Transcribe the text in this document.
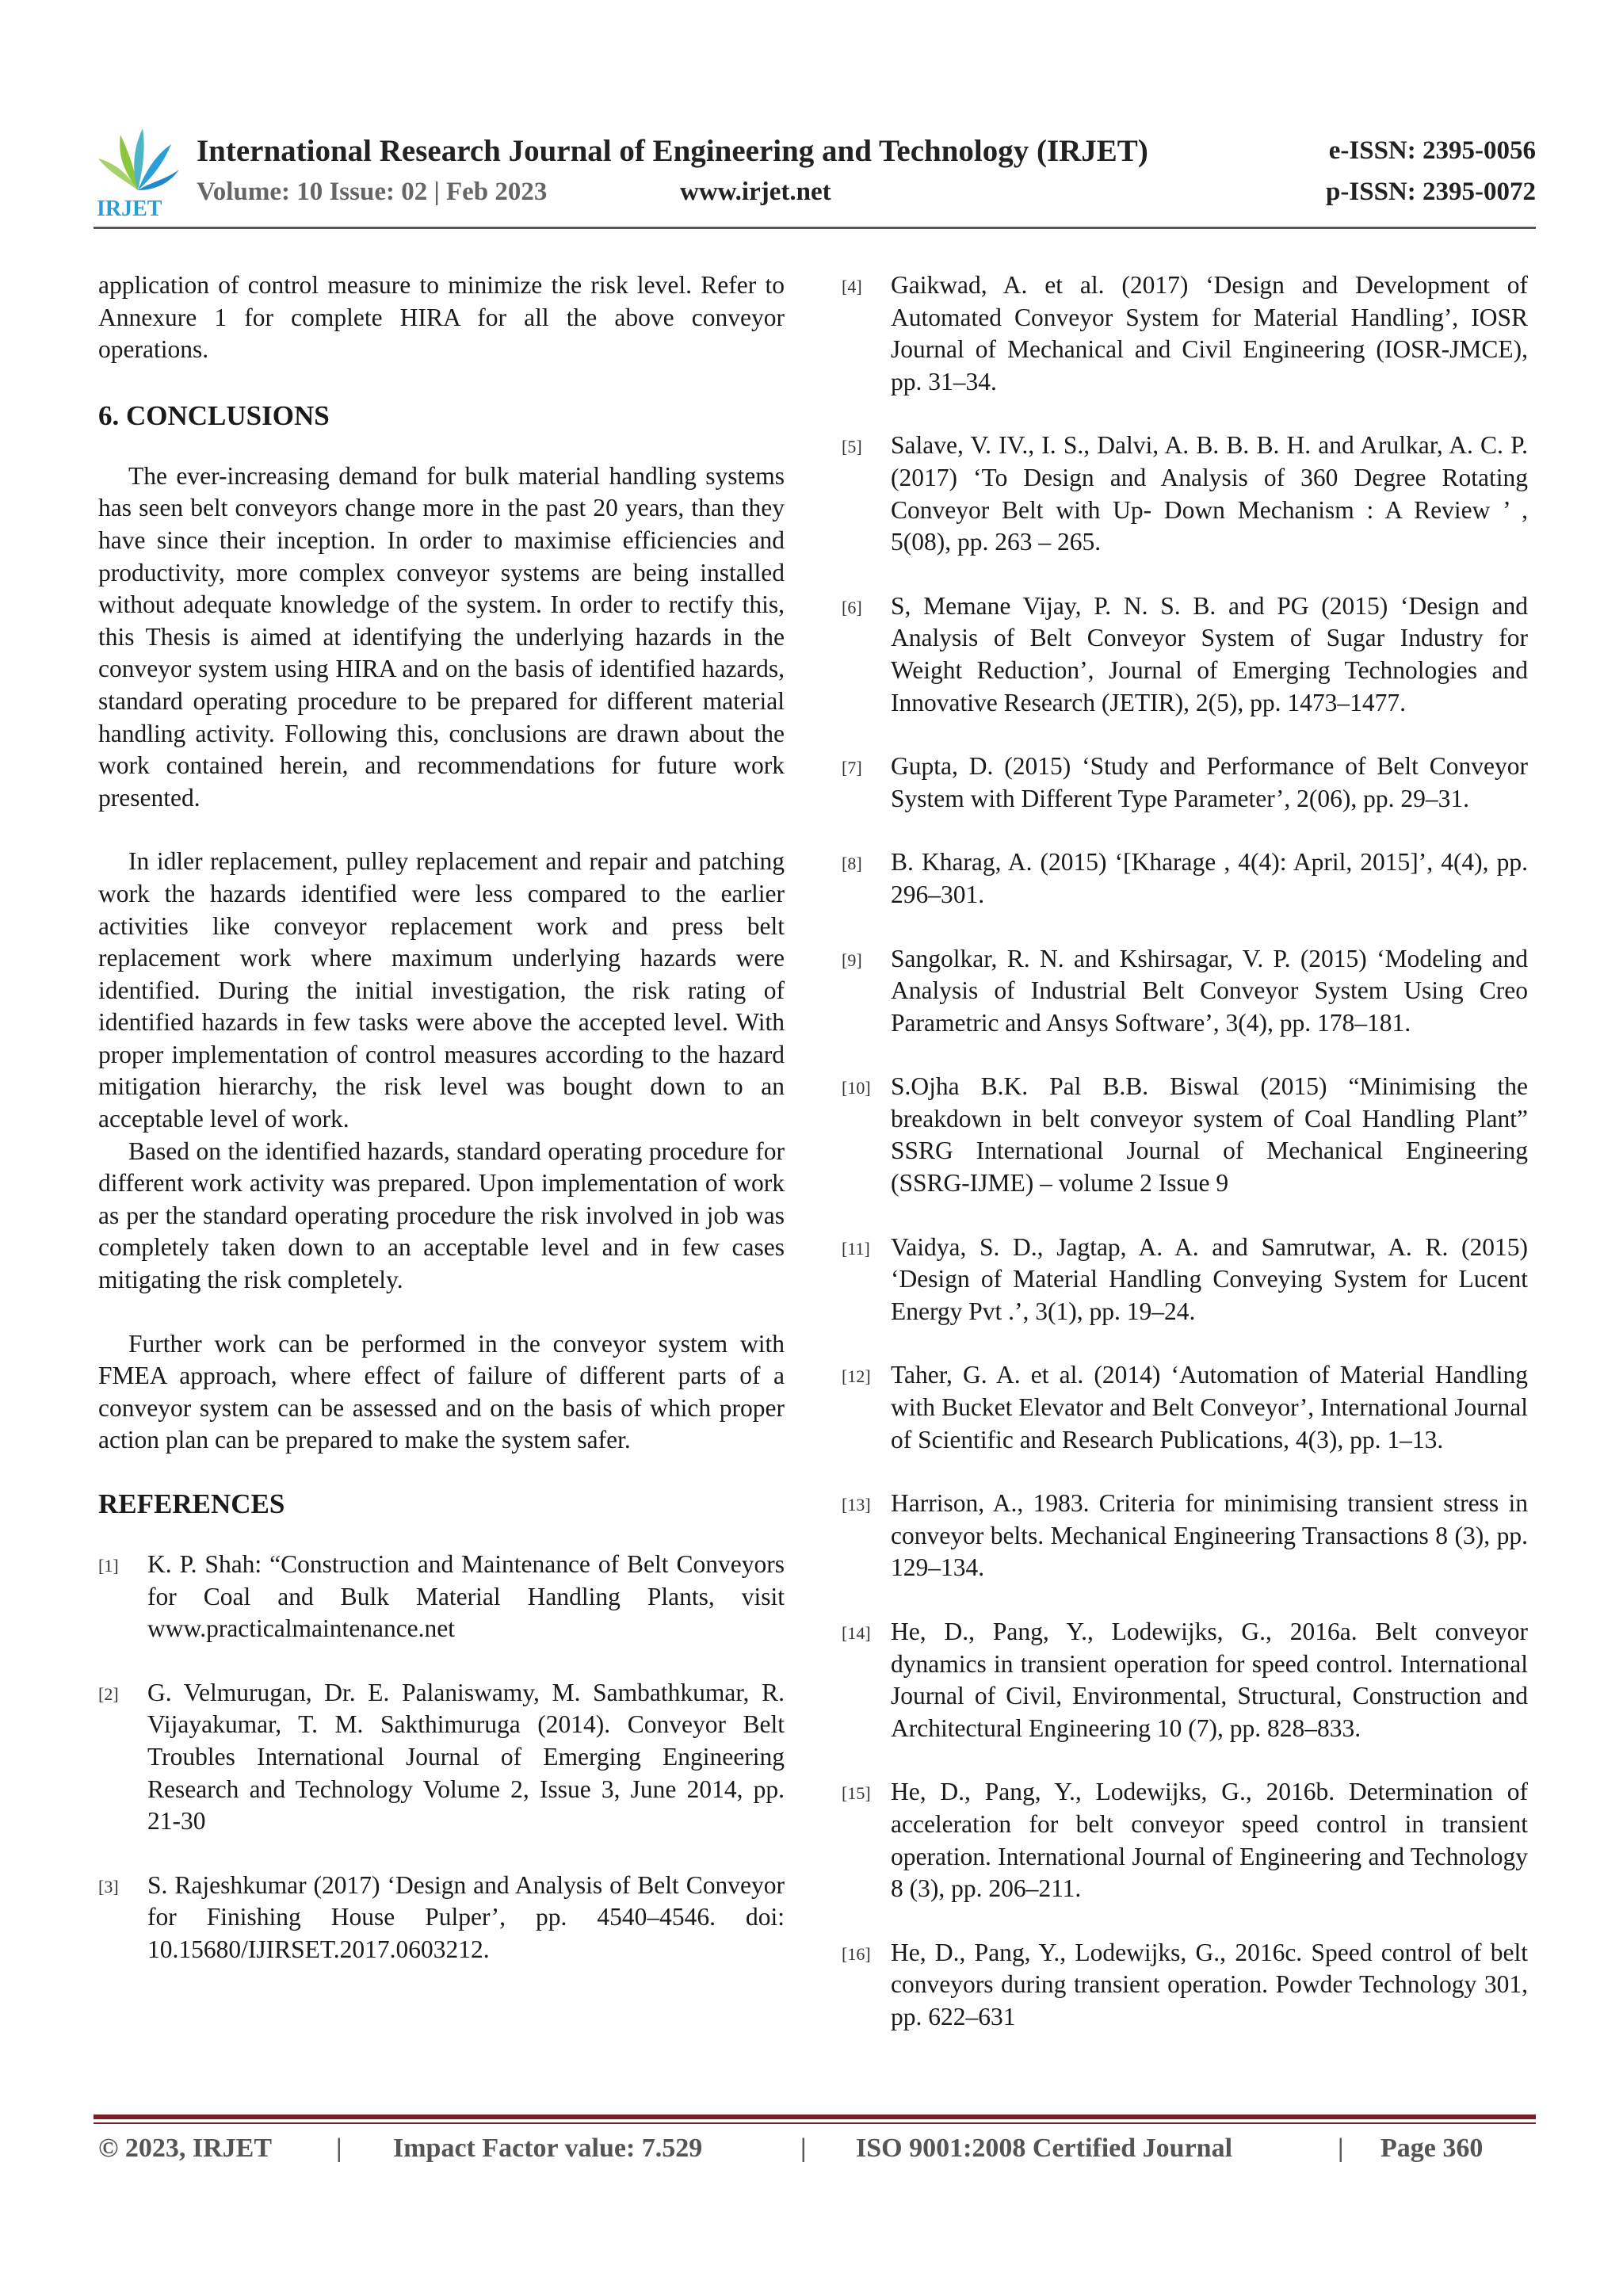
IRJET
International Research Journal of Engineering and Technology (IRJET)	e-ISSN: 2395-0056
Volume: 10 Issue: 02 | Feb 2023	www.irjet.net	p-ISSN: 2395-0072

application of control measure to minimize the risk level. Refer to Annexure 1 for complete HIRA for all the above conveyor operations.

6. CONCLUSIONS

The ever-increasing demand for bulk material handling systems has seen belt conveyors change more in the past 20 years, than they have since their inception. In order to maximise efficiencies and productivity, more complex conveyor systems are being installed without adequate knowledge of the system. In order to rectify this, this Thesis is aimed at identifying the underlying hazards in the conveyor system using HIRA and on the basis of identified hazards, standard operating procedure to be prepared for different material handling activity. Following this, conclusions are drawn about the work contained herein, and recommendations for future work presented.

In idler replacement, pulley replacement and repair and patching work the hazards identified were less compared to the earlier activities like conveyor replacement work and press belt replacement work where maximum underlying hazards were identified. During the initial investigation, the risk rating of identified hazards in few tasks were above the accepted level. With proper implementation of control measures according to the hazard mitigation hierarchy, the risk level was bought down to an acceptable level of work.

Based on the identified hazards, standard operating procedure for different work activity was prepared. Upon implementation of work as per the standard operating procedure the risk involved in job was completely taken down to an acceptable level and in few cases mitigating the risk completely.

Further work can be performed in the conveyor system with FMEA approach, where effect of failure of different parts of a conveyor system can be assessed and on the basis of which proper action plan can be prepared to make the system safer.

REFERENCES

[1] K. P. Shah: “Construction and Maintenance of Belt Conveyors for Coal and Bulk Material Handling Plants, visit www.practicalmaintenance.net

[2] G. Velmurugan, Dr. E. Palaniswamy, M. Sambathkumar, R. Vijayakumar, T. M. Sakthimuruga (2014). Conveyor Belt Troubles International Journal of Emerging Engineering Research and Technology Volume 2, Issue 3, June 2014, pp. 21-30

[3] S. Rajeshkumar (2017) ‘Design and Analysis of Belt Conveyor for Finishing House Pulper’, pp. 4540–4546. doi: 10.15680/IJIRSET.2017.0603212.

[4] Gaikwad, A. et al. (2017) ‘Design and Development of Automated Conveyor System for Material Handling’, IOSR Journal of Mechanical and Civil Engineering (IOSR-JMCE), pp. 31–34.

[5] Salave, V. IV., I. S., Dalvi, A. B. B. B. H. and Arulkar, A. C. P. (2017) ‘To Design and Analysis of 360 Degree Rotating Conveyor Belt with Up- Down Mechanism : A Review ’ , 5(08), pp. 263 – 265.

[6] S, Memane Vijay, P. N. S. B. and PG (2015) ‘Design and Analysis of Belt Conveyor System of Sugar Industry for Weight Reduction’, Journal of Emerging Technologies and Innovative Research (JETIR), 2(5), pp. 1473–1477.

[7] Gupta, D. (2015) ‘Study and Performance of Belt Conveyor System with Different Type Parameter’, 2(06), pp. 29–31.

[8] B. Kharag, A. (2015) ‘[Kharage , 4(4): April, 2015]’, 4(4), pp. 296–301.

[9] Sangolkar, R. N. and Kshirsagar, V. P. (2015) ‘Modeling and Analysis of Industrial Belt Conveyor System Using Creo Parametric and Ansys Software’, 3(4), pp. 178–181.

[10] S.Ojha B.K. Pal B.B. Biswal (2015) “Minimising the breakdown in belt conveyor system of Coal Handling Plant” SSRG International Journal of Mechanical Engineering (SSRG-IJME) – volume 2 Issue 9

[11] Vaidya, S. D., Jagtap, A. A. and Samrutwar, A. R. (2015) ‘Design of Material Handling Conveying System for Lucent Energy Pvt .’, 3(1), pp. 19–24.

[12] Taher, G. A. et al. (2014) ‘Automation of Material Handling with Bucket Elevator and Belt Conveyor’, International Journal of Scientific and Research Publications, 4(3), pp. 1–13.

[13] Harrison, A., 1983. Criteria for minimising transient stress in conveyor belts. Mechanical Engineering Transactions 8 (3), pp. 129–134.

[14] He, D., Pang, Y., Lodewijks, G., 2016a. Belt conveyor dynamics in transient operation for speed control. International Journal of Civil, Environmental, Structural, Construction and Architectural Engineering 10 (7), pp. 828–833.

[15] He, D., Pang, Y., Lodewijks, G., 2016b. Determination of acceleration for belt conveyor speed control in transient operation. International Journal of Engineering and Technology 8 (3), pp. 206–211.

[16] He, D., Pang, Y., Lodewijks, G., 2016c. Speed control of belt conveyors during transient operation. Powder Technology 301, pp. 622–631

© 2023, IRJET | Impact Factor value: 7.529	| ISO 9001:2008 Certified Journal	| Page 360
